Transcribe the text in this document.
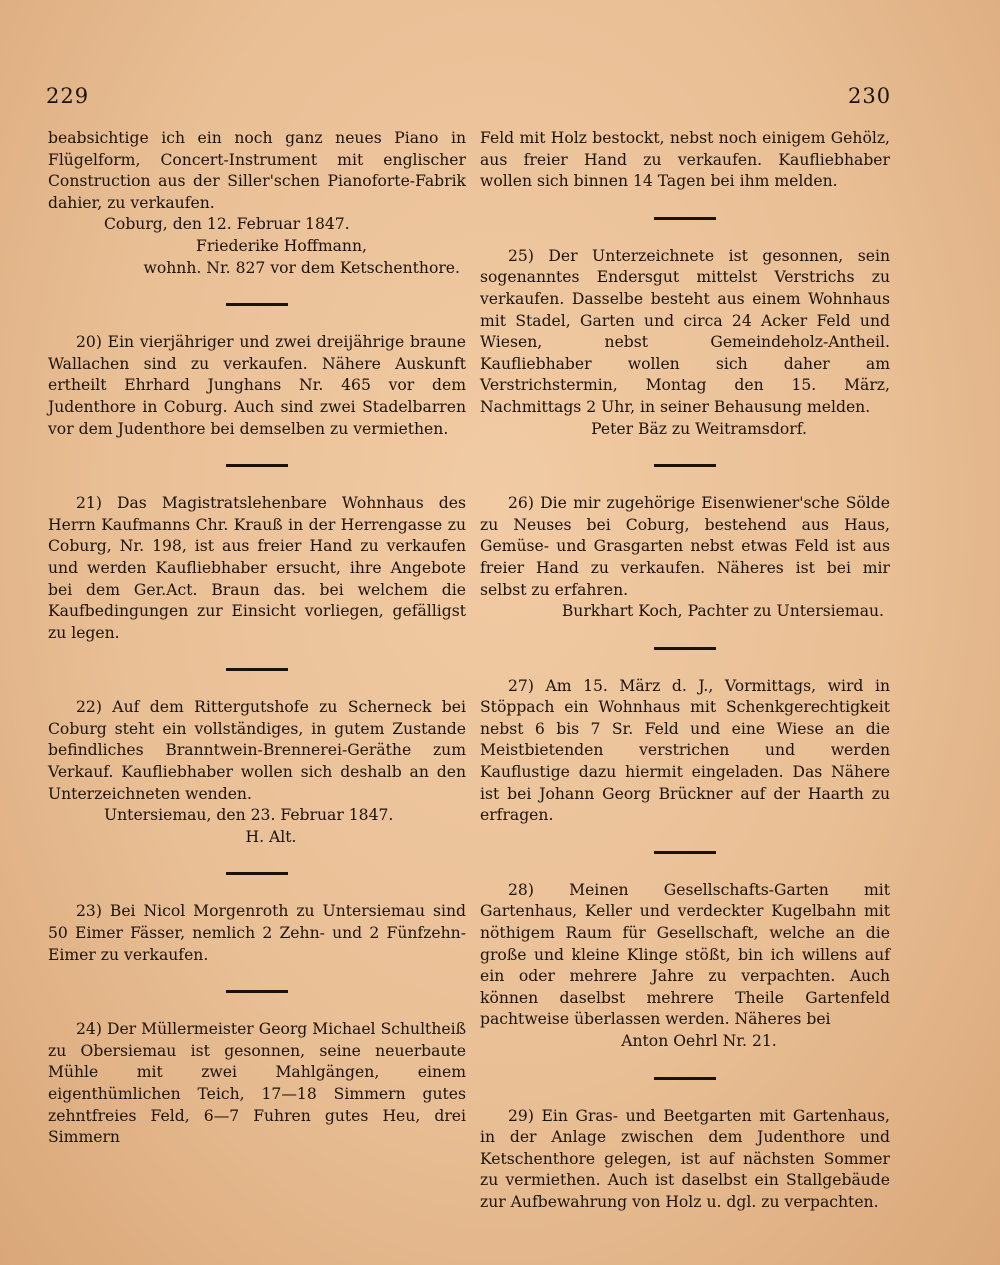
229	230

beabsichtige ich ein noch ganz neues Piano in Flügelform, Concert-Instrument mit englischer Construction aus der Siller'schen Pianoforte-Fabrik dahier, zu verkaufen.

Coburg, den 12. Februar 1847.

Friederike Hoffmann,

wohnh. Nr. 827 vor dem Ketschenthore.

20) Ein vierjähriger und zwei dreijährige braune Wallachen sind zu verkaufen. Nähere Auskunft ertheilt Ehrhard Junghans Nr. 465 vor dem Judenthore in Coburg. Auch sind zwei Stadelbarren vor dem Judenthore bei demselben zu vermiethen.

21) Das Magistratslehenbare Wohnhaus des Herrn Kaufmanns Chr. Krauß in der Herrengasse zu Coburg, Nr. 198, ist aus freier Hand zu verkaufen und werden Kaufliebhaber ersucht, ihre Angebote bei dem Ger.Act. Braun das. bei welchem die Kaufbedingungen zur Einsicht vorliegen, gefälligst zu legen.

22) Auf dem Rittergutshofe zu Scherneck bei Coburg steht ein vollständiges, in gutem Zustande befindliches Branntwein-Brennerei-Geräthe zum Verkauf. Kaufliebhaber wollen sich deshalb an den Unterzeichneten wenden.

Untersiemau, den 23. Februar 1847.

H. Alt.

23) Bei Nicol Morgenroth zu Untersiemau sind 50 Eimer Fässer, nemlich 2 Zehn- und 2 Fünfzehn-Eimer zu verkaufen.

24) Der Müllermeister Georg Michael Schultheiß zu Obersiemau ist gesonnen, seine neuerbaute Mühle mit zwei Mahlgängen, einem eigenthümlichen Teich, 17—18 Simmern gutes zehntfreies Feld, 6—7 Fuhren gutes Heu, drei Simmern

Feld mit Holz bestockt, nebst noch einigem Gehölz, aus freier Hand zu verkaufen. Kaufliebhaber wollen sich binnen 14 Tagen bei ihm melden.

25) Der Unterzeichnete ist gesonnen, sein sogenanntes Endersgut mittelst Verstrichs zu verkaufen. Dasselbe besteht aus einem Wohnhaus mit Stadel, Garten und circa 24 Acker Feld und Wiesen, nebst Gemeindeholz-Antheil. Kaufliebhaber wollen sich daher am Verstrichstermin, Montag den 15. März, Nachmittags 2 Uhr, in seiner Behausung melden.

Peter Bäz zu Weitramsdorf.

26) Die mir zugehörige Eisenwiener'sche Sölde zu Neuses bei Coburg, bestehend aus Haus, Gemüse- und Grasgarten nebst etwas Feld ist aus freier Hand zu verkaufen. Näheres ist bei mir selbst zu erfahren.

Burkhart Koch, Pachter zu Untersiemau.

27) Am 15. März d. J., Vormittags, wird in Stöppach ein Wohnhaus mit Schenkgerechtigkeit nebst 6 bis 7 Sr. Feld und eine Wiese an die Meistbietenden verstrichen und werden Kauflustige dazu hiermit eingeladen. Das Nähere ist bei Johann Georg Brückner auf der Haarth zu erfragen.

28) Meinen Gesellschafts-Garten mit Gartenhaus, Keller und verdeckter Kugelbahn mit nöthigem Raum für Gesellschaft, welche an die große und kleine Klinge stößt, bin ich willens auf ein oder mehrere Jahre zu verpachten. Auch können daselbst mehrere Theile Gartenfeld pachtweise überlassen werden. Näheres bei

Anton Oehrl Nr. 21.

29) Ein Gras- und Beetgarten mit Gartenhaus, in der Anlage zwischen dem Judenthore und Ketschenthore gelegen, ist auf nächsten Sommer zu vermiethen. Auch ist daselbst ein Stallgebäude zur Aufbewahrung von Holz u. dgl. zu verpachten.
